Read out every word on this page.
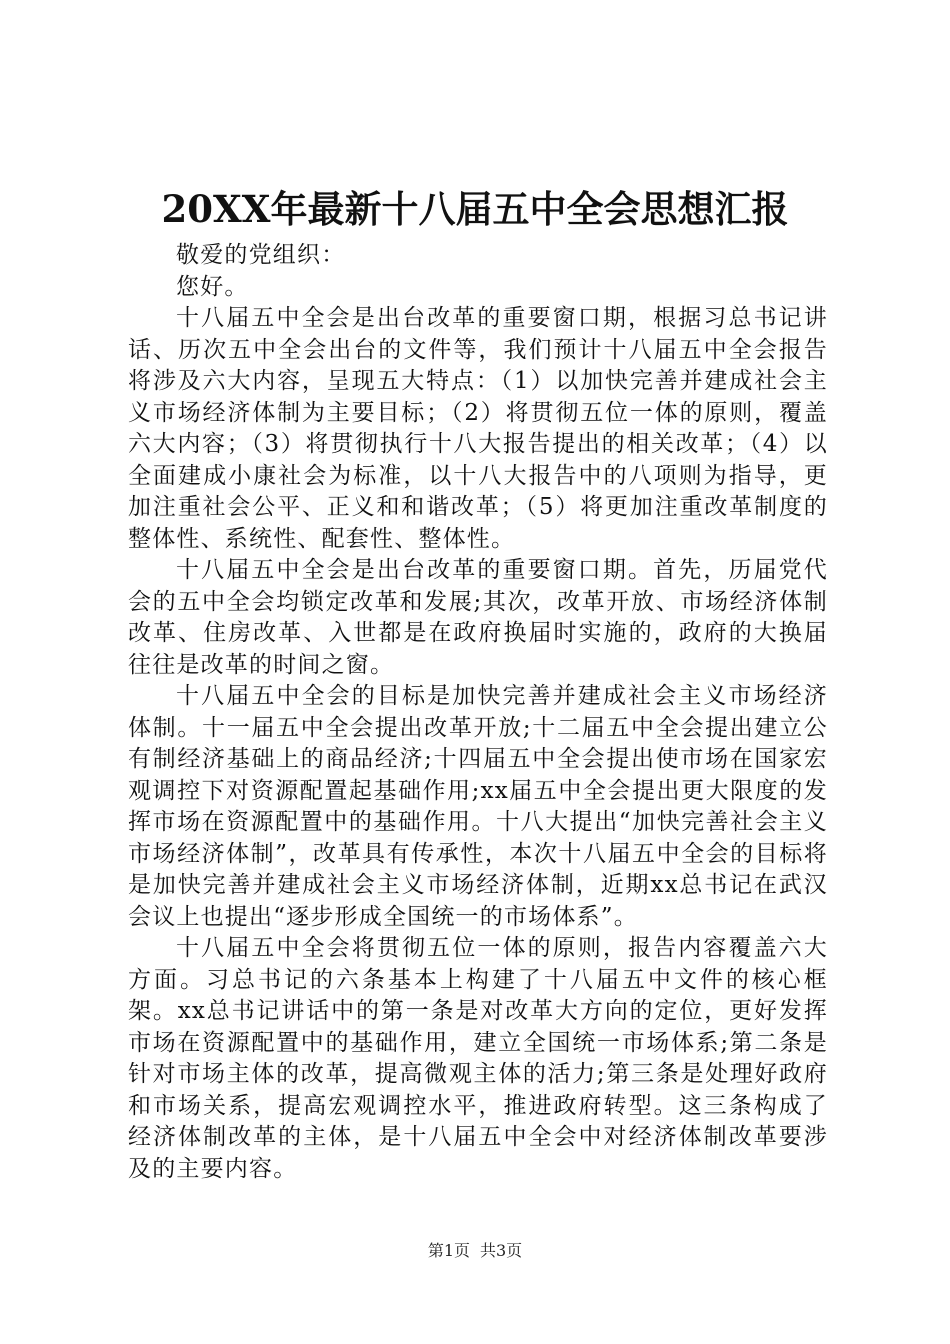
20XX年最新十八届五中全会思想汇报

敬爱的党组织：

您好。

十八届五中全会是出台改革的重要窗口期，根据习总书记讲话、历次五中全会出台的文件等，我们预计十八届五中全会报告将涉及六大内容，呈现五大特点：（1）以加快完善并建成社会主义市场经济体制为主要目标；（2）将贯彻五位一体的原则，覆盖六大内容；（3）将贯彻执行十八大报告提出的相关改革；（4）以全面建成小康社会为标准，以十八大报告中的八项则为指导，更加注重社会公平、正义和和谐改革；（5）将更加注重改革制度的整体性、系统性、配套性、整体性。

十八届五中全会是出台改革的重要窗口期。首先，历届党代会的五中全会均锁定改革和发展;其次，改革开放、市场经济体制改革、住房改革、入世都是在政府换届时实施的，政府的大换届往往是改革的时间之窗。

十八届五中全会的目标是加快完善并建成社会主义市场经济体制。十一届五中全会提出改革开放;十二届五中全会提出建立公有制经济基础上的商品经济;十四届五中全会提出使市场在国家宏观调控下对资源配置起基础作用;xx届五中全会提出更大限度的发挥市场在资源配置中的基础作用。十八大提出“加快完善社会主义市场经济体制”，改革具有传承性，本次十八届五中全会的目标将是加快完善并建成社会主义市场经济体制，近期xx总书记在武汉会议上也提出“逐步形成全国统一的市场体系”。

十八届五中全会将贯彻五位一体的原则，报告内容覆盖六大方面。习总书记的六条基本上构建了十八届五中文件的核心框架。xx总书记讲话中的第一条是对改革大方向的定位，更好发挥市场在资源配置中的基础作用，建立全国统一市场体系;第二条是针对市场主体的改革，提高微观主体的活力;第三条是处理好政府和市场关系，提高宏观调控水平，推进政府转型。这三条构成了经济体制改革的主体，是十八届五中全会中对经济体制改革要涉及的主要内容。

第1页 共3页
